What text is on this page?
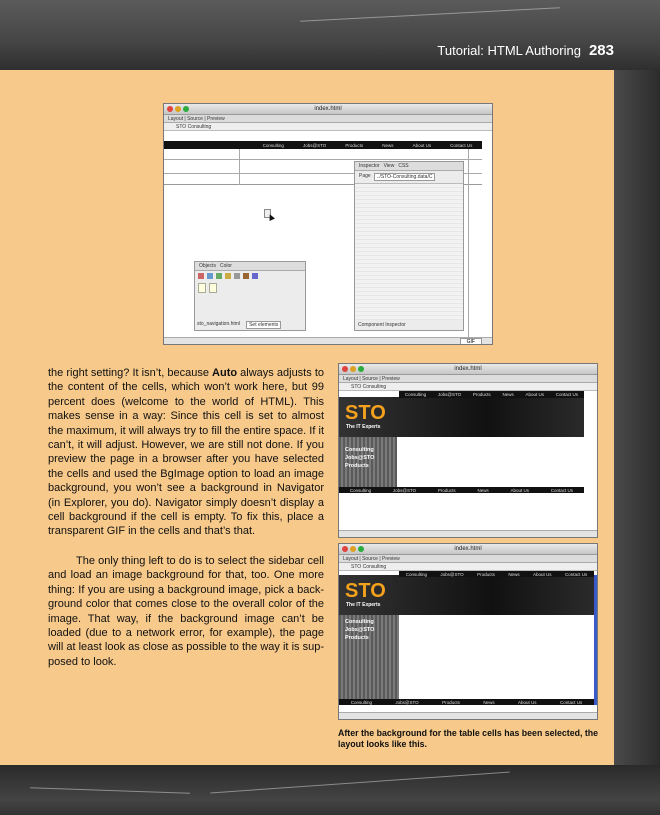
Tutorial: HTML Authoring 283
index.html
Layout | Source | Preview
STO Consulting
Consulting	Jobs@STO	Products	News	About Us	Contact Us
Inspector View CSS
Page	../STO-Consulting.data/C
Component Inspector
Objects Color
sto_navigation.html	Set elements
GIF
index.html
Layout | Source | Preview
STO Consulting
Consulting	Jobs@STO	Products	News	About Us	Contact Us
STO
The IT Experts
Consulting
Jobs@STO
Products
Consulting	Jobs@STO	Products	News	About Us	Contact Us
index.html
Layout | Source | Preview
STO Consulting
Consulting	Jobs@STO	Products	News	About Us	Contact Us
STO
The IT Experts
Consulting
Jobs@STO
Products
Consulting	Jobs@STO	Products	News	About Us	Contact Us

the right setting? It isn’t, because Auto always adjusts to the content of the cells, which won’t work here, but 99 percent does (welcome to the world of HTML). This makes sense in a way: Since this cell is set to almost the maximum, it will always try to fill the entire space. If it can’t, it will adjust. However, we are still not done. If you preview the page in a browser after you have selected the cells and used the BgImage option to load an image background, you won’t see a background in Navigator (in Explorer, you do). Navigator simply doesn’t display a cell background if the cell is empty. To fix this, place a transparent GIF in the cells and that’s that.

The only thing left to do is to select the sidebar cell and load an image background for that, too. One more thing: If you are using a background image, pick a background color that comes close to the overall color of the image. That way, if the background image can’t be loaded (due to a network error, for example), the page will at least look as close as possible to the way it is supposed to look.

After the background for the table cells has been selected, the layout looks like this.
